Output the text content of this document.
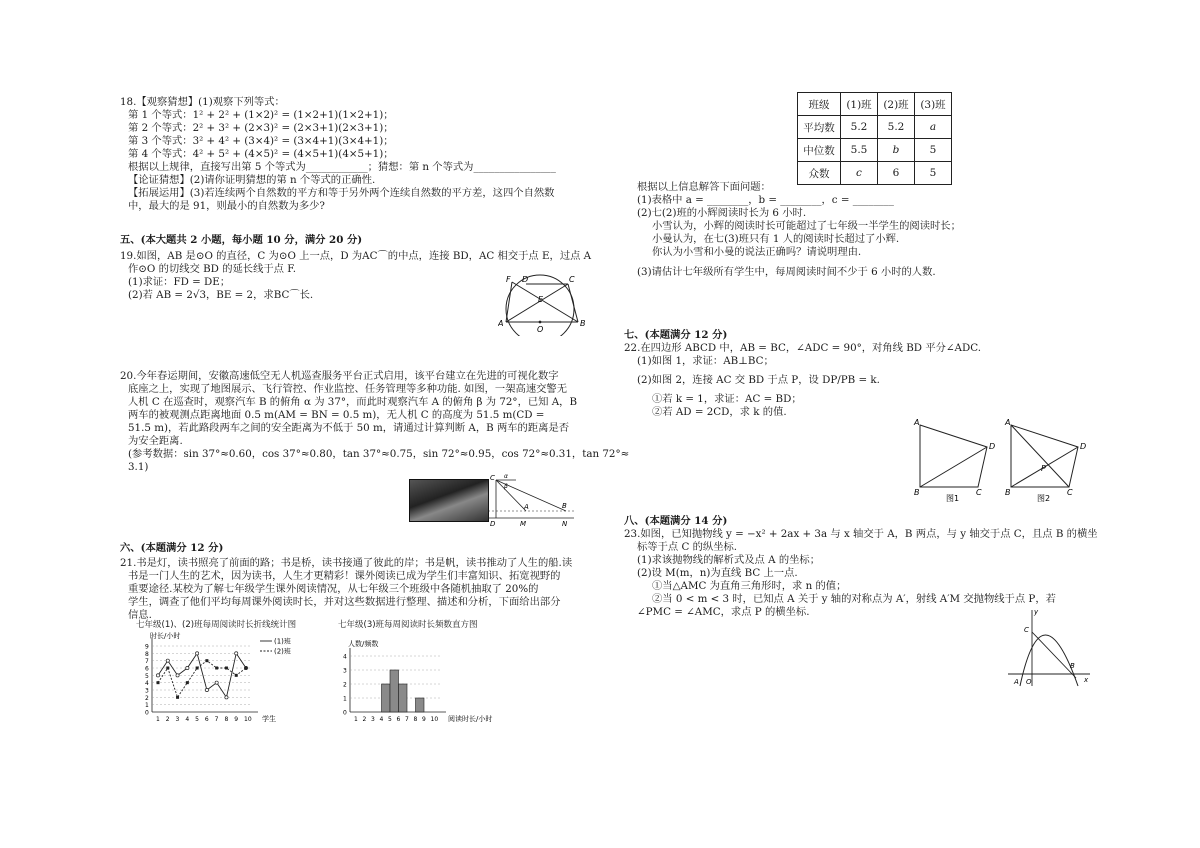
18.【观察猜想】(1)观察下列等式：
第 1 个等式：1² + 2² + (1×2)² = (1×2+1)(1×2+1)；
第 2 个等式：2² + 3² + (2×3)² = (2×3+1)(2×3+1)；
第 3 个等式：3² + 4² + (3×4)² = (3×4+1)(3×4+1)；
第 4 个等式：4² + 5² + (4×5)² = (4×5+1)(4×5+1)；
根据以上规律，直接写出第 5 个等式为____________；猜想：第 n 个等式为________________
【论证猜想】(2)请你证明猜想的第 n 个等式的正确性.
【拓展运用】(3)若连续两个自然数的平方和等于另外两个连续自然数的平方差，这四个自然数
中，最大的是 91，则最小的自然数为多少?
五、(本大题共 2 小题，每小题 10 分，满分 20 分)
19.如图，AB 是⊙O 的直径，C 为⊙O 上一点，D 为AC⌒的中点，连接 BD，AC 相交于点 E，过点 A
作⊙O 的切线交 BD 的延长线于点 F.
(1)求证：FD = DE；
(2)若 AB = 2√3，BE = 2，求BC⌒长.
F D	C
E
A
O
B
20.今年春运期间，安徽高速低空无人机巡查服务平台正式启用，该平台建立在先进的可视化数字
底座之上，实现了地图展示、飞行管控、作业监控、任务管理等多种功能. 如图，一架高速交警无
人机 C 在巡查时，观察汽车 B 的俯角 α 为 37°，而此时观察汽车 A 的俯角 β 为 72°，已知 A，B
两车的被观测点距离地面 0.5 m(AM = BN = 0.5 m)，无人机 C 的高度为 51.5 m(CD =
51.5 m)，若此路段两车之间的安全距离为不低于 50 m，请通过计算判断 A，B 两车的距离是否
为安全距离.
(参考数据：sin 37°≈0.60，cos 37°≈0.80，tan 37°≈0.75，sin 72°≈0.95，cos 72°≈0.31，tan 72°≈
3.1)
C α
β
A	B
D	M	N
六、(本题满分 12 分)
21.书是灯，读书照亮了前面的路；书是桥，读书接通了彼此的岸；书是帆，读书推动了人生的船.读
书是一门人生的艺术，因为读书，人生才更精彩！课外阅读已成为学生们丰富知识、拓宽视野的
重要途径.某校为了解七年级学生课外阅读情况，从七年级三个班级中各随机抽取了 20%的
学生，调查了他们平均每周课外阅读时长，并对这些数据进行整理、描述和分析，下面给出部分
信息.
七年级(1)、(2)班每周阅读时长折线统计图	七年级(3)班每周阅读时长频数直方图
1
2
3
4
5
6
7
8
9
0
1 2 3 4 5 6 7 8 9 10 学生
时长/小时
(1)班
(2)班
1
2
3
4
0
1 2 3 4 5 6 7 8 9 10 阅读时长/小时
人数/频数
班级	(1)班	(2)班	(3)班
平均数	5.2	5.2	a
中位数	5.5	b	5
众数	c	6	5
根据以上信息解答下面问题：
(1)表格中 a = ________，b = ________，c = ________
(2)七(2)班的小辉阅读时长为 6 小时.
小雪认为，小辉的阅读时长可能超过了七年级一半学生的阅读时长；
小曼认为，在七(3)班只有 1 人的阅读时长超过了小辉.
你认为小雪和小曼的说法正确吗？请说明理由.
(3)请估计七年级所有学生中，每周阅读时间不少于 6 小时的人数.
七、(本题满分 12 分)
22.在四边形 ABCD 中，AB = BC，∠ADC = 90°，对角线 BD 平分∠ADC.
(1)如图 1，求证：AB⊥BC；
(2)如图 2，连接 AC 交 BD 于点 P，设 DP/PB = k.
①若 k = 1，求证：AC = BD；
②若 AD = 2CD，求 k 的值.
A
D
B	C
图1
A
D
P
B	C
图2
八、(本题满分 14 分)
23.如图，已知抛物线 y = −x² + 2ax + 3a 与 x 轴交于 A，B 两点，与 y 轴交于点 C，且点 B 的横坐
标等于点 C 的纵坐标.
(1)求该抛物线的解析式及点 A 的坐标；
(2)设 M(m，n)为直线 BC 上一点.
①当△AMC 为直角三角形时，求 n 的值；
②当 0 < m < 3 时，已知点 A 关于 y 轴的对称点为 A′，射线 A′M 交抛物线于点 P，若
∠PMC = ∠AMC，求点 P 的横坐标.	y
C
A O
B
x
